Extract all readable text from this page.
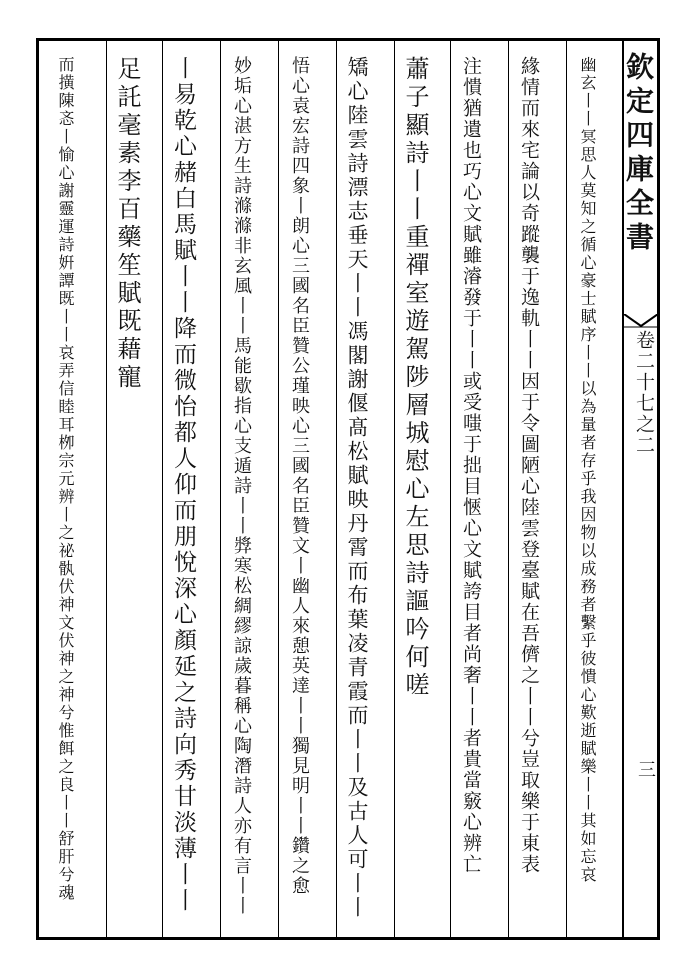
欽定四庫全書
卷二十七之二
三
幽玄丨丨冥思人莫知之循心豪士賦序丨丨以為量者存乎我因物以成務者繫乎彼憒心歎逝賦樂丨丨其如忘哀
緣情而來宅論以奇蹤襲于逸軌丨丨因于令圖陋心陸雲登臺賦在吾儕之丨丨兮豈取樂于東表
注憒猶遺也巧心文賦雖濬發于丨丨或受嗤于拙目愜心文賦誇目者尚奢丨丨者貴當竅心辨亡
蕭子顯詩丨丨重禪室遊駕陟層城慰心左思詩謳吟何嗟
矯心陸雲詩漂志垂天丨丨馮閣謝偃髙松賦映丹霄而布葉凌青霞而丨丨及古人可丨丨
悟心袁宏詩四象丨朗心三國名臣贊公瑾映心三國名臣贊文丨幽人來憩英達丨丨獨見明丨丨鑽之愈
妙垢心湛方生詩滌滌非玄風丨丨馬能歇指心支遁詩丨丨㢡寒松綢繆諒歲暮稱心陶潛詩人亦有言丨丨
丨易乾心赭白馬賦丨丨降而微怡都人仰而朋悅深心顏延之詩向秀甘淡薄丨丨
足託毫素李百藥笙賦既藉寵
而撗陳忞丨愉心謝靈運詩姸譚既丨丨哀弄信睦耳栁宗元辨丨之祕骫伏神文伏神之神兮惟餌之良丨丨舒肝兮魂
